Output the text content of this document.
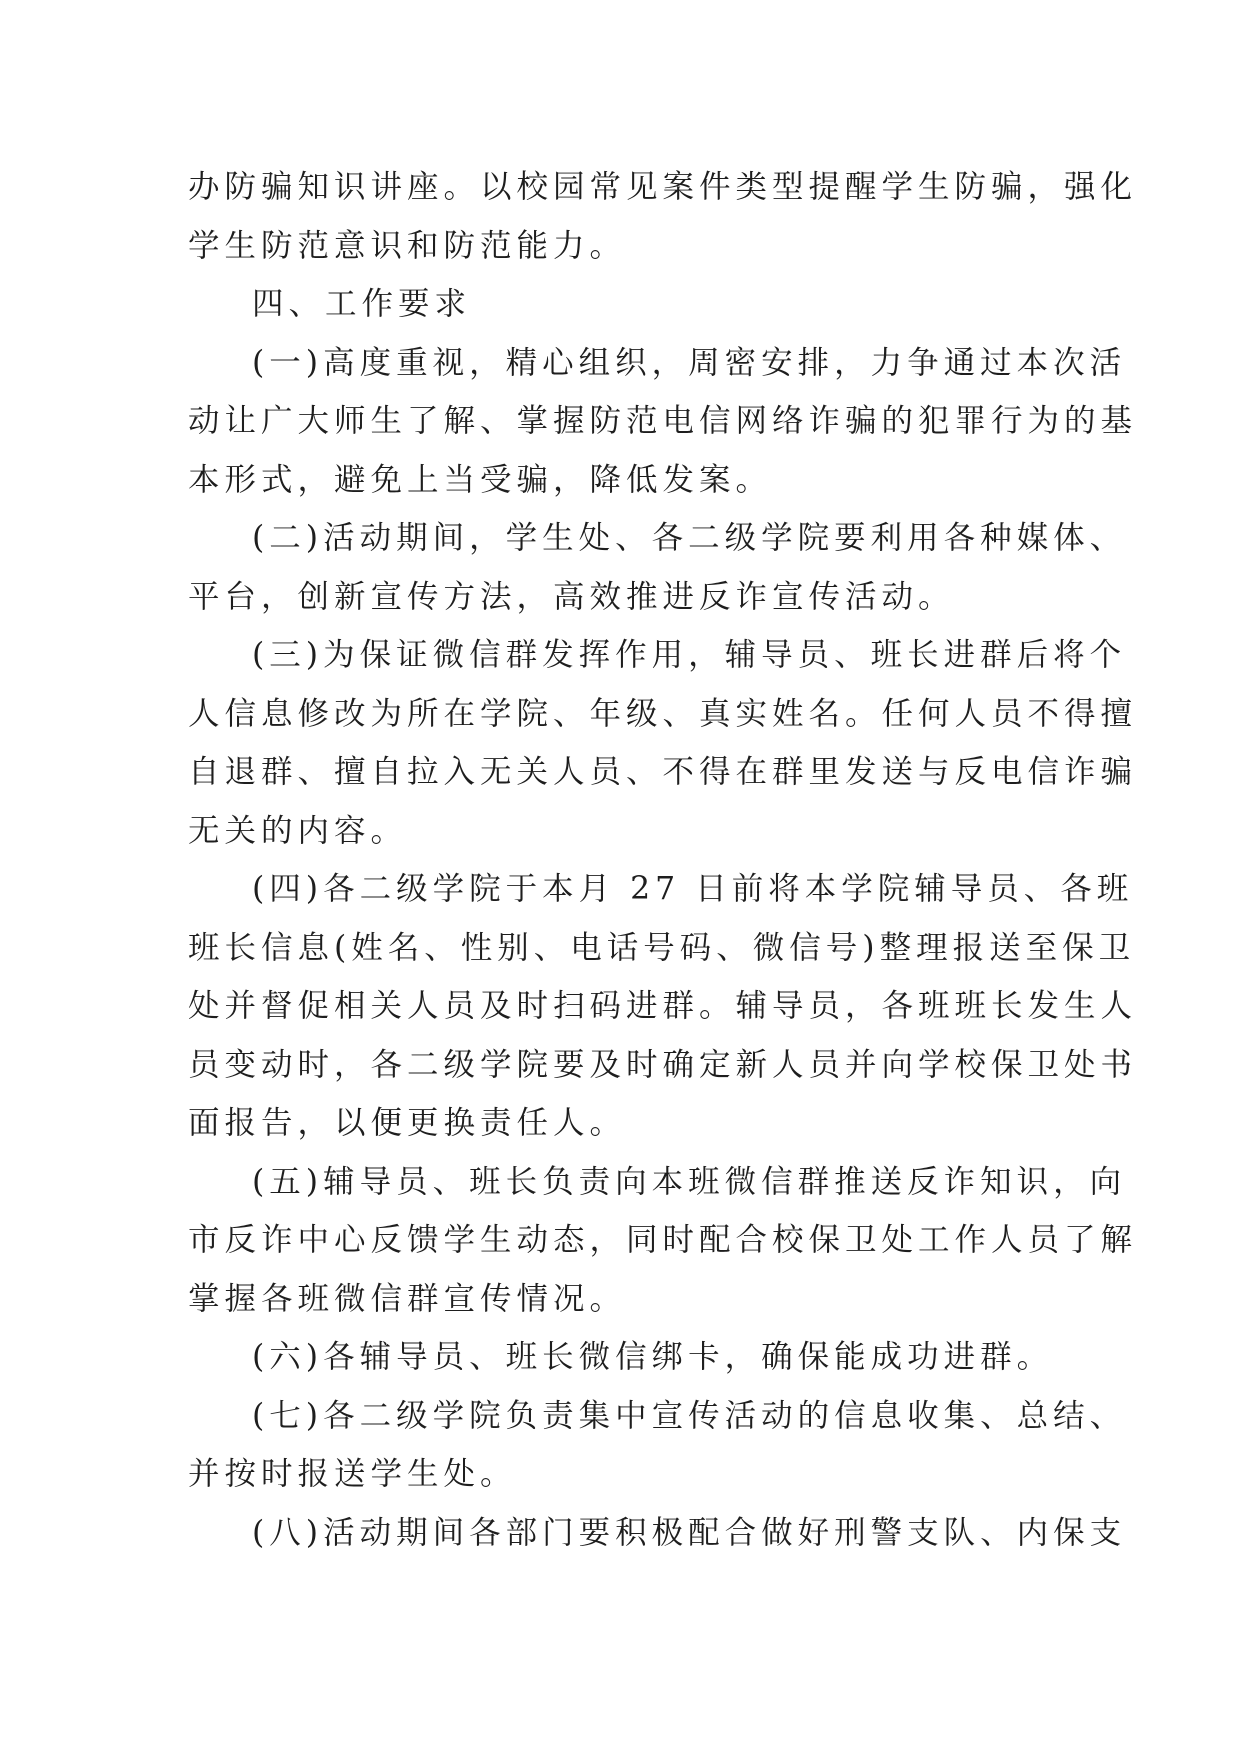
办防骗知识讲座。以校园常见案件类型提醒学生防骗，强化
学生防范意识和防范能力。
四、工作要求
(一)高度重视，精心组织，周密安排，力争通过本次活
动让广大师生了解、掌握防范电信网络诈骗的犯罪行为的基
本形式，避免上当受骗，降低发案。
(二)活动期间，学生处、各二级学院要利用各种媒体、
平台，创新宣传方法，高效推进反诈宣传活动。
(三)为保证微信群发挥作用，辅导员、班长进群后将个
人信息修改为所在学院、年级、真实姓名。任何人员不得擅
自退群、擅自拉入无关人员、不得在群里发送与反电信诈骗
无关的内容。
(四)各二级学院于本月 27 日前将本学院辅导员、各班
班长信息(姓名、性别、电话号码、微信号)整理报送至保卫
处并督促相关人员及时扫码进群。辅导员，各班班长发生人
员变动时，各二级学院要及时确定新人员并向学校保卫处书
面报告，以便更换责任人。
(五)辅导员、班长负责向本班微信群推送反诈知识，向
市反诈中心反馈学生动态，同时配合校保卫处工作人员了解
掌握各班微信群宣传情况。
(六)各辅导员、班长微信绑卡，确保能成功进群。
(七)各二级学院负责集中宣传活动的信息收集、总结、
并按时报送学生处。
(八)活动期间各部门要积极配合做好刑警支队、内保支
